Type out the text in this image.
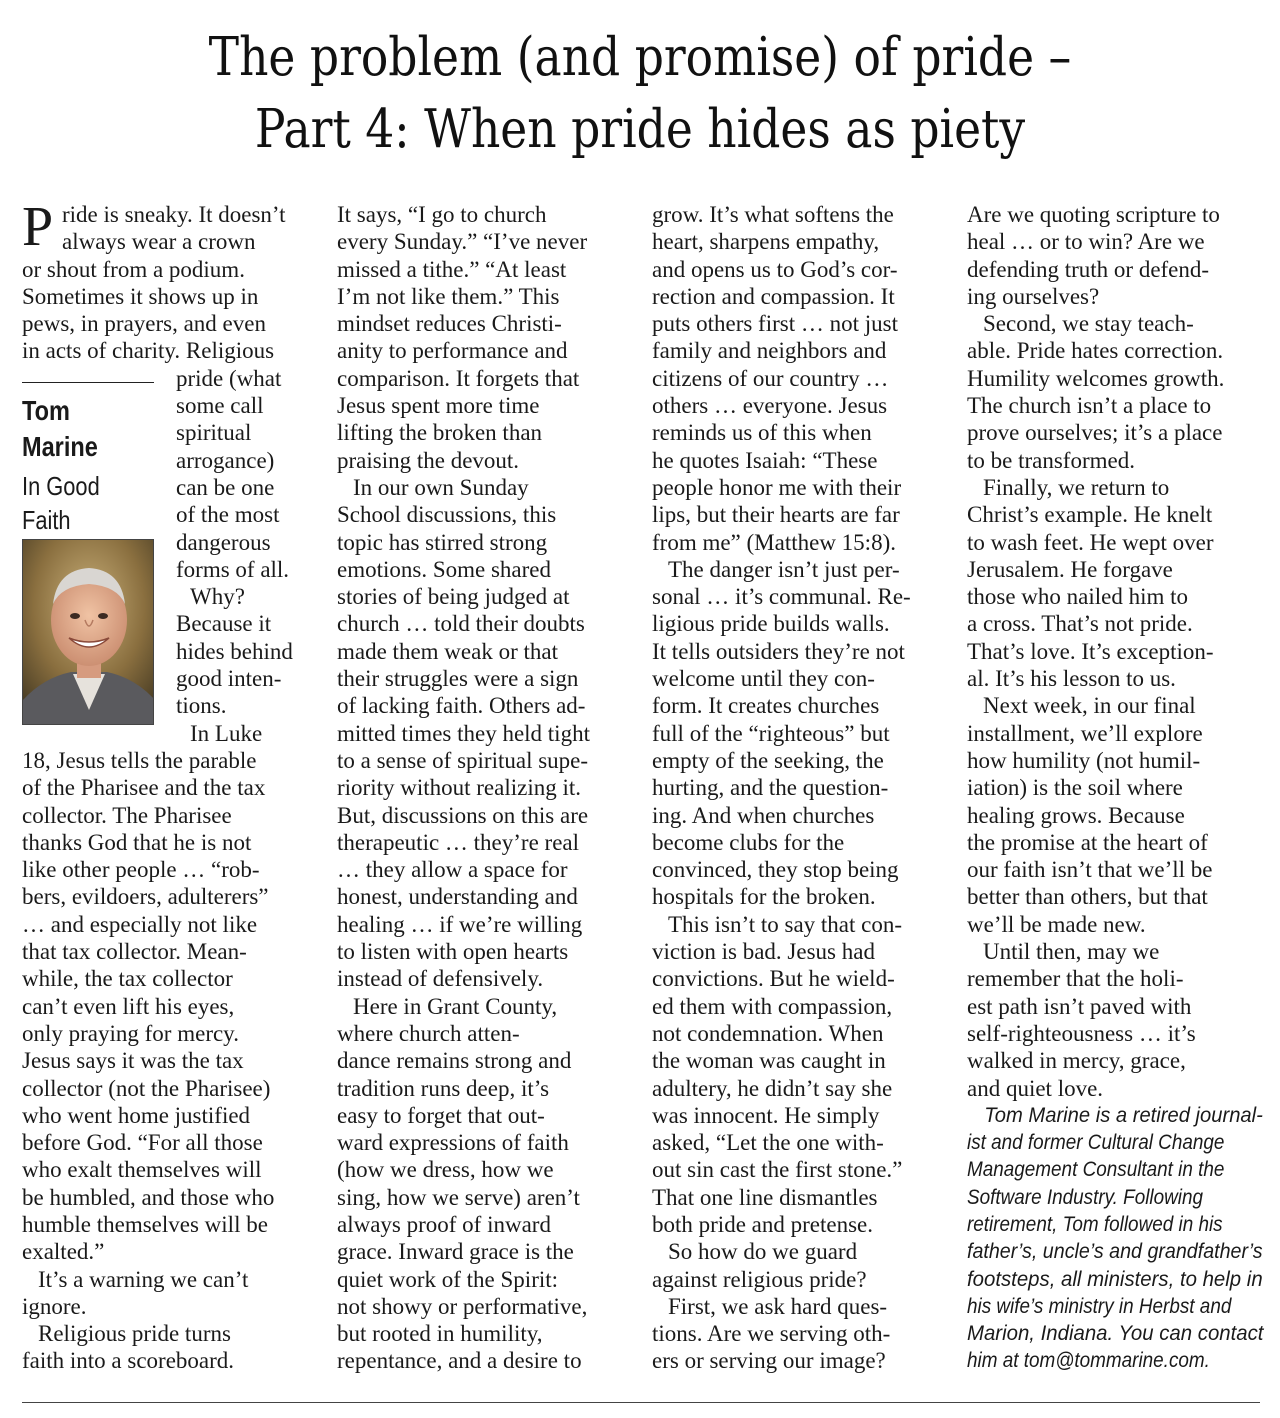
The problem (and promise) of pride –
Part 4: When pride hides as piety

ride is sneaky. It doesn’t
always wear a crown
or shout from a podium.
Sometimes it shows up in
pews, in prayers, and even
in acts of charity. Religious
pride (what
some call
spiritual
arrogance)
can be one
of the most
dangerous
forms of all.

Why?
Because it
hides behind
good inten-
tions.

In Luke
18, Jesus tells the parable
of the Pharisee and the tax
collector. The Pharisee
thanks God that he is not
like other people … “rob-
bers, evildoers, adulterers”
… and especially not like
that tax collector. Mean-
while, the tax collector
can’t even lift his eyes,
only praying for mercy.
Jesus says it was the tax
collector (not the Pharisee)
who went home justified
before God. “For all those
who exalt themselves will
be humbled, and those who
humble themselves will be
exalted.”

It’s a warning we can’t
ignore.

Religious pride turns
faith into a scoreboard.

P
Tom
Marine
In Good
Faith

It says, “I go to church
every Sunday.” “I’ve never
missed a tithe.” “At least
I’m not like them.” This
mindset reduces Christi-
anity to performance and
comparison. It forgets that
Jesus spent more time
lifting the broken than
praising the devout.

In our own Sunday
School discussions, this
topic has stirred strong
emotions. Some shared
stories of being judged at
church … told their doubts
made them weak or that
their struggles were a sign
of lacking faith. Others ad-
mitted times they held tight
to a sense of spiritual supe-
riority without realizing it.
But, discussions on this are
therapeutic … they’re real
… they allow a space for
honest, understanding and
healing … if we’re willing
to listen with open hearts
instead of defensively.

Here in Grant County,
where church atten-
dance remains strong and
tradition runs deep, it’s
easy to forget that out-
ward expressions of faith
(how we dress, how we
sing, how we serve) aren’t
always proof of inward
grace. Inward grace is the
quiet work of the Spirit:
not showy or performative,
but rooted in humility,
repentance, and a desire to

grow. It’s what softens the
heart, sharpens empathy,
and opens us to God’s cor-
rection and compassion. It
puts others first … not just
family and neighbors and
citizens of our country …
others … everyone. Jesus
reminds us of this when
he quotes Isaiah: “These
people honor me with their
lips, but their hearts are far
from me” (Matthew 15:8).

The danger isn’t just per-
sonal … it’s communal. Re-
ligious pride builds walls.
It tells outsiders they’re not
welcome until they con-
form. It creates churches
full of the “righteous” but
empty of the seeking, the
hurting, and the question-
ing. And when churches
become clubs for the
convinced, they stop being
hospitals for the broken.

This isn’t to say that con-
viction is bad. Jesus had
convictions. But he wield-
ed them with compassion,
not condemnation. When
the woman was caught in
adultery, he didn’t say she
was innocent. He simply
asked, “Let the one with-
out sin cast the first stone.”
That one line dismantles
both pride and pretense.

So how do we guard
against religious pride?

First, we ask hard ques-
tions. Are we serving oth-
ers or serving our image?

Are we quoting scripture to
heal … or to win? Are we
defending truth or defend-
ing ourselves?

Second, we stay teach-
able. Pride hates correction.
Humility welcomes growth.
The church isn’t a place to
prove ourselves; it’s a place
to be transformed.

Finally, we return to
Christ’s example. He knelt
to wash feet. He wept over
Jerusalem. He forgave
those who nailed him to
a cross. That’s not pride.
That’s love. It’s exception-
al. It’s his lesson to us.

Next week, in our final
installment, we’ll explore
how humility (not humil-
iation) is the soil where
healing grows. Because
the promise at the heart of
our faith isn’t that we’ll be
better than others, but that
we’ll be made new.

Until then, may we
remember that the holi-
est path isn’t paved with
self-righteousness … it’s
walked in mercy, grace,
and quiet love.

Tom Marine is a retired journal-
ist and former Cultural Change
Management Consultant in the
Software Industry. Following
retirement, Tom followed in his
father’s, uncle’s and grandfather’s
footsteps, all ministers, to help in
his wife’s ministry in Herbst and
Marion, Indiana. You can contact
him at tom@tommarine.com.
